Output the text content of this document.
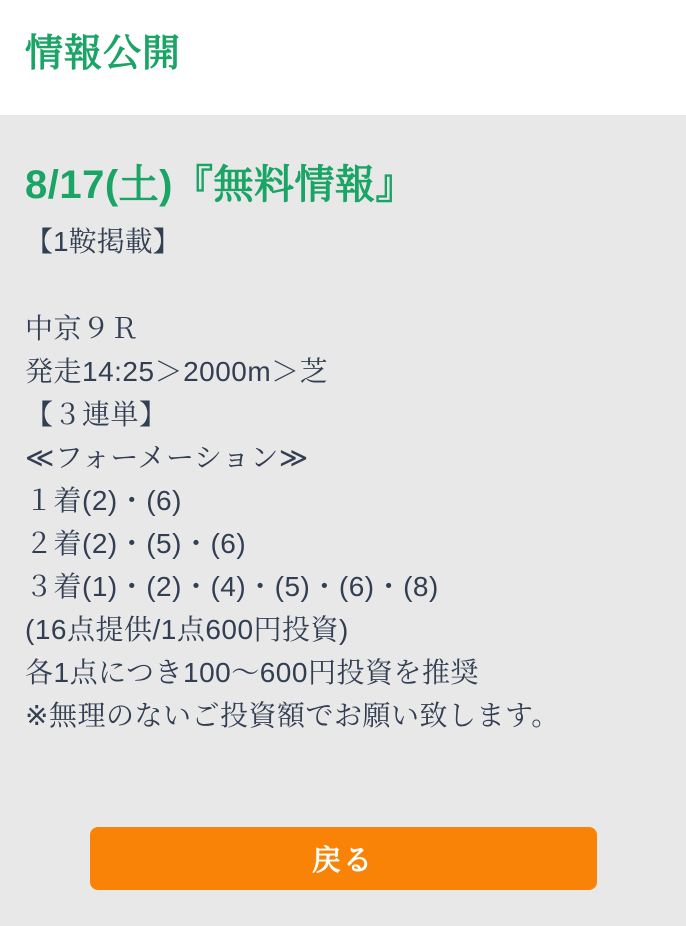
情報公開
8/17(土)『無料情報』
【1鞍掲載】
中京９Ｒ
発走14:25＞2000m＞芝
【３連単】
≪フォーメーション≫
１着(2)・(6)
２着(2)・(5)・(6)
３着(1)・(2)・(4)・(5)・(6)・(8)
(16点提供/1点600円投資)
各1点につき100〜600円投資を推奨
※無理のないご投資額でお願い致します。
戻る
